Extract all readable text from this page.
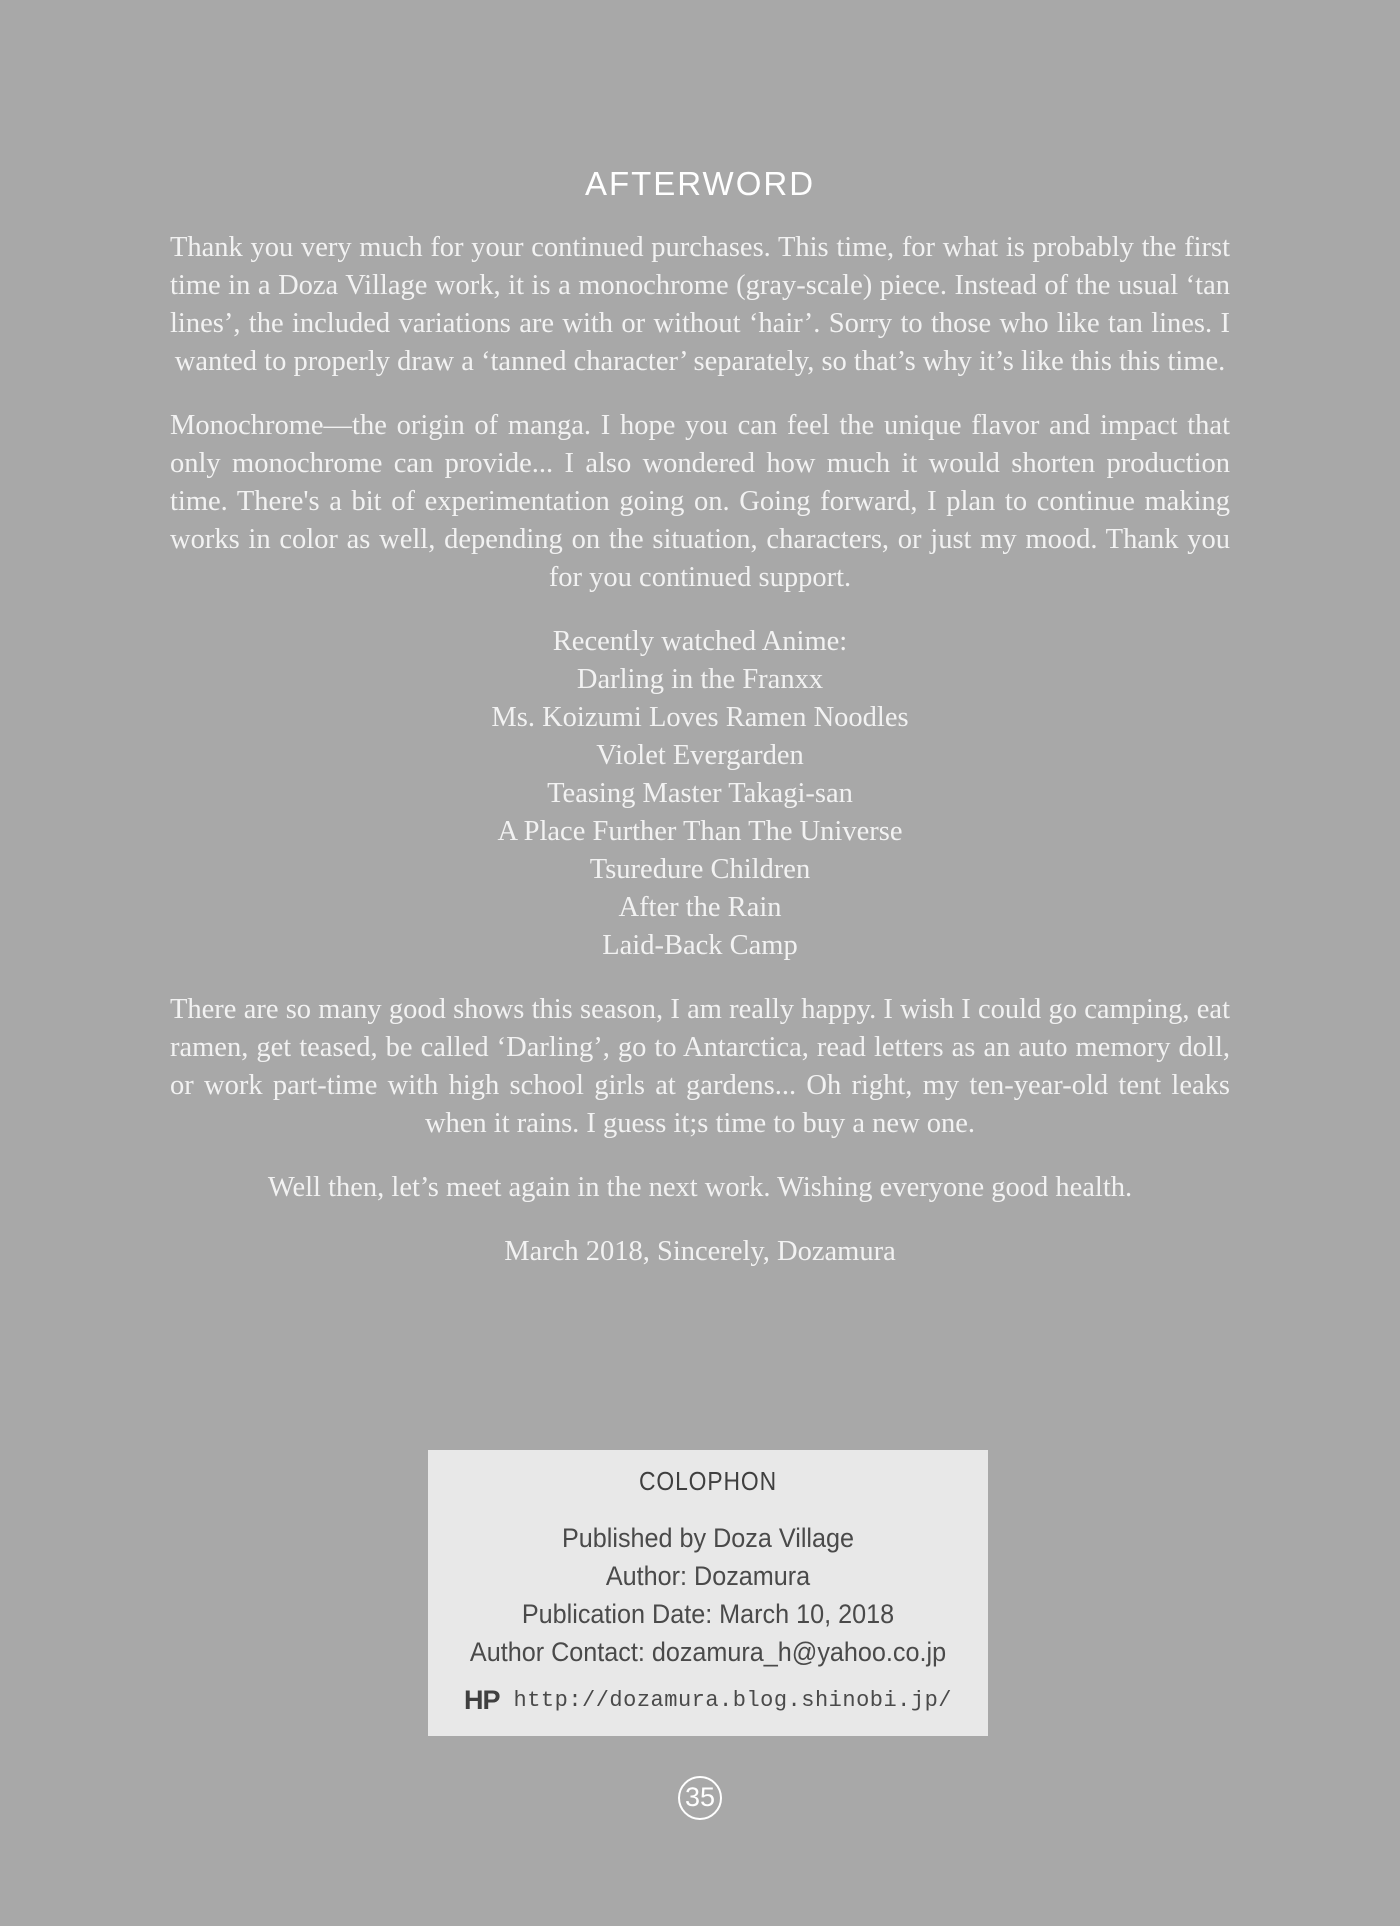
AFTERWORD

Thank you very much for your continued purchases. This time, for what is probably the first time in a Doza Village work, it is a monochrome (gray-scale) piece. Instead of the usual ‘tan lines’, the included variations are with or without ‘hair’. Sorry to those who like tan lines. I wanted to properly draw a ‘tanned character’ separately, so that’s why it’s like this this time.

Monochrome—the origin of manga. I hope you can feel the unique flavor and impact that only monochrome can provide... I also wondered how much it would shorten production time. There's a bit of experimentation going on. Going forward, I plan to continue making works in color as well, depending on the situation, characters, or just my mood. Thank you for you continued support.

Recently watched Anime:
Darling in the Franxx
Ms. Koizumi Loves Ramen Noodles
Violet Evergarden
Teasing Master Takagi-san
A Place Further Than The Universe
Tsuredure Children
After the Rain
Laid-Back Camp

There are so many good shows this season, I am really happy. I wish I could go camping, eat ramen, get teased, be called ‘Darling’, go to Antarctica, read letters as an auto memory doll, or work part-time with high school girls at gardens... Oh right, my ten-year-old tent leaks when it rains. I guess it;s time to buy a new one.

Well then, let’s meet again in the next work. Wishing everyone good health.

March 2018, Sincerely, Dozamura
COLOPHON
Published by Doza Village
Author: Dozamura
Publication Date: March 10, 2018
Author Contact: dozamura_h@yahoo.co.jp
HP http://dozamura.blog.shinobi.jp/
35
